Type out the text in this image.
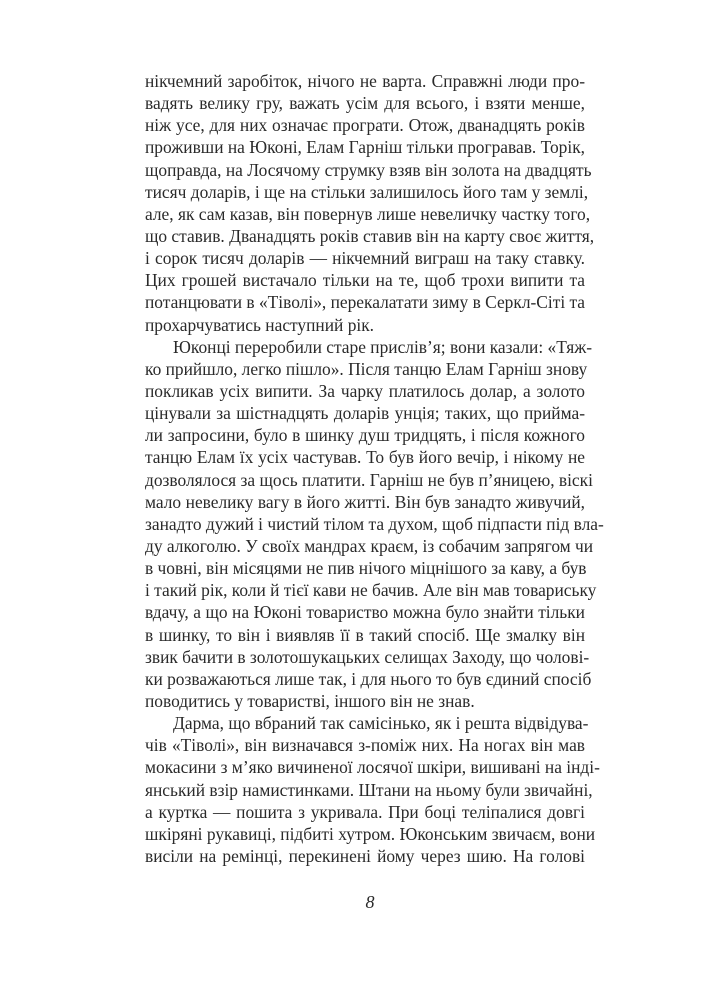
нікчемний заробіток, нічого не варта. Справжні люди про-
вадять велику гру, важать усім для всього, і взяти менше,
ніж усе, для них означає програти. Отож, дванадцять років
проживши на Юконі, Елам Гарніш тільки програвав. Торік,
щоправда, на Лосячому струмку взяв він золота на двадцять
тисяч доларів, і ще на стільки залишилось його там у землі,
але, як сам казав, він повернув лише невеличку частку того,
що ставив. Дванадцять років ставив він на карту своє життя,
і сорок тисяч доларів — нікчемний виграш на таку ставку.
Цих грошей вистачало тільки на те, щоб трохи випити та
потанцювати в «Тіволі», перекалатати зиму в Серкл-Сіті та
прохарчуватись наступний рік.
Юконці переробили старе прислів’я; вони казали: «Тяж-
ко прийшло, легко пішло». Після танцю Елам Гарніш знову
покликав усіх випити. За чарку платилось долар, а золото
цінували за шістнадцять доларів унція; таких, що прийма-
ли запросини, було в шинку душ тридцять, і після кожного
танцю Елам їх усіх частував. То був його вечір, і нікому не
дозволялося за щось платити. Гарніш не був п’яницею, віскі
мало невелику вагу в його житті. Він був занадто живучий,
занадто дужий і чистий тілом та духом, щоб підпасти під вла-
ду алкоголю. У своїх мандрах краєм, із собачим запрягом чи
в човні, він місяцями не пив нічого міцнішого за каву, а був
і такий рік, коли й тієї кави не бачив. Але він мав товариську
вдачу, а що на Юконі товариство можна було знайти тільки
в шинку, то він і виявляв її в такий спосіб. Ще змалку він
звик бачити в золотошукацьких селищах Заходу, що чолові-
ки розважаються лише так, і для нього то був єдиний спосіб
поводитись у товаристві, іншого він не знав.
Дарма, що вбраний так самісінько, як і решта відвідува-
чів «Тіволі», він визначався з-поміж них. На ногах він мав
мокасини з м’яко вичиненої лосячої шкіри, вишивані на інді-
янський взір намистинками. Штани на ньому були звичайні,
а куртка — пошита з укривала. При боці теліпалися довгі
шкіряні рукавиці, підбиті хутром. Юконським звичаєм, вони
висіли на ремінці, перекинені йому через шию. На голові
8
